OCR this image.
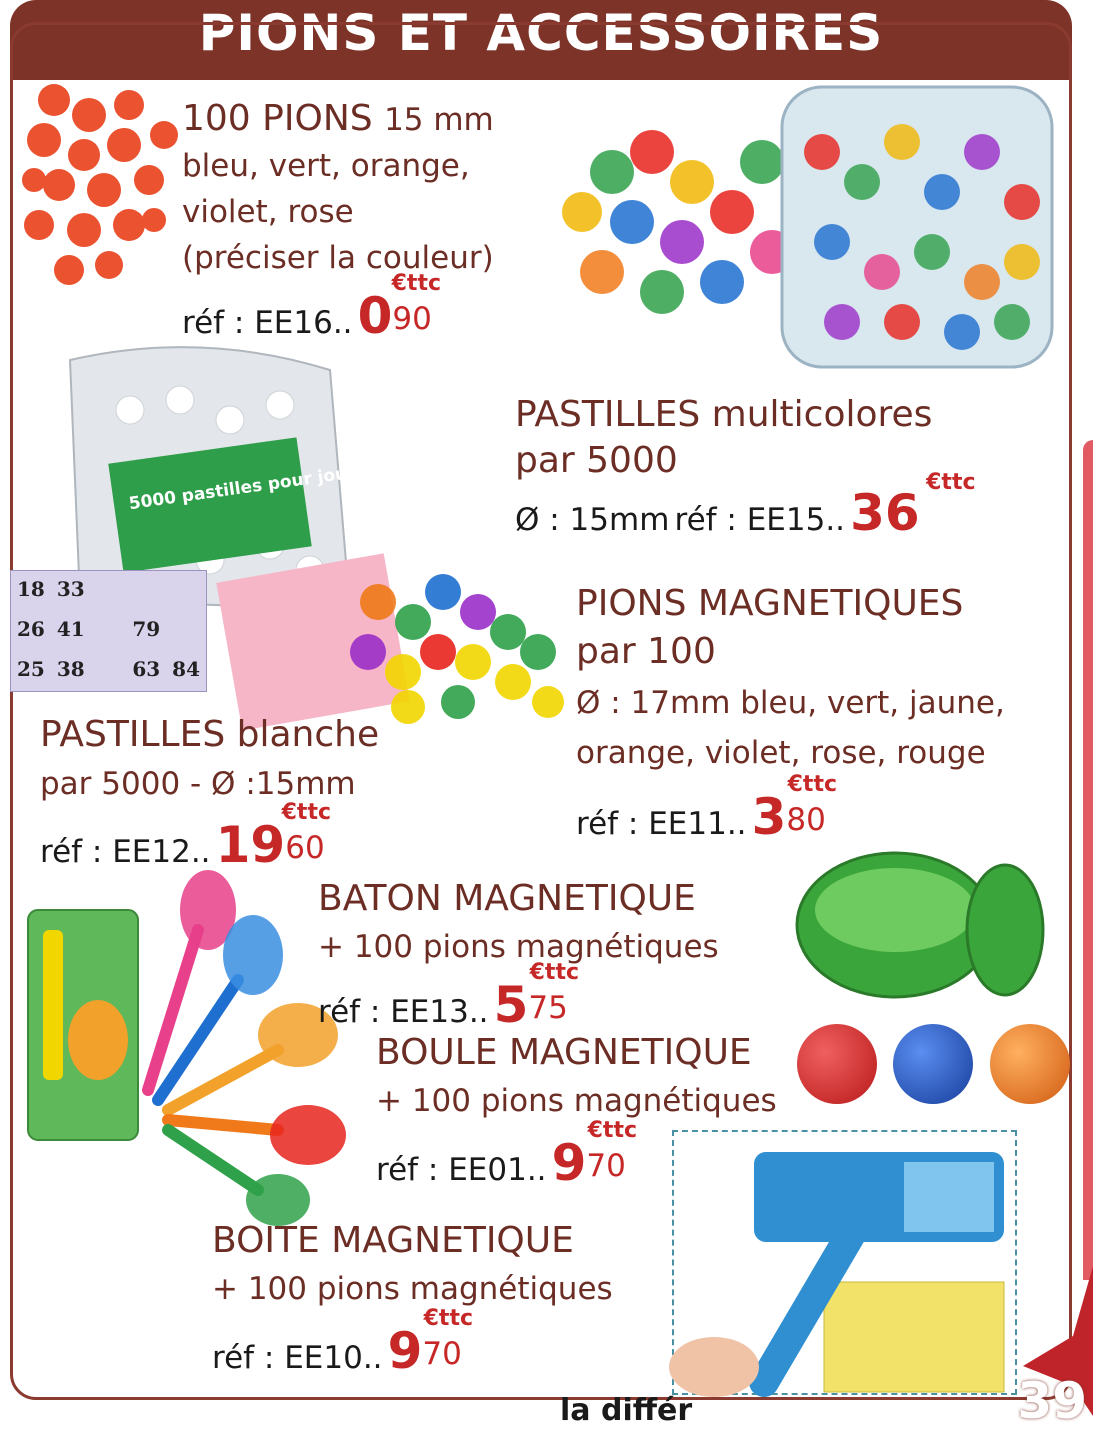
PIONS ET ACCESSOIRES
100 PIONS 15 mm
bleu, vert, orange,
violet, rose
(préciser la couleur)
réf : EE16.. 090
€ttc
PASTILLES multicolores
par 5000
Ø : 15mm réf : EE15.. 36
€ttc
5000 pastilles pour jouer au loto
18 33
26 41	79
25 38	63 84
PIONS MAGNETIQUES
par 100
Ø : 17mm bleu, vert, jaune,
orange, violet, rose, rouge
réf : EE11.. 380
€ttc
PASTILLES blanche
par 5000 - Ø :15mm
réf : EE12.. 1960
€ttc
BATON MAGNETIQUE
+ 100 pions magnétiques
réf : EE13.. 575
€ttc
BOULE MAGNETIQUE
+ 100 pions magnétiques
réf : EE01.. 970
€ttc
BOITE MAGNETIQUE
+ 100 pions magnétiques
réf : EE10.. 970
€ttc
39
la différ
